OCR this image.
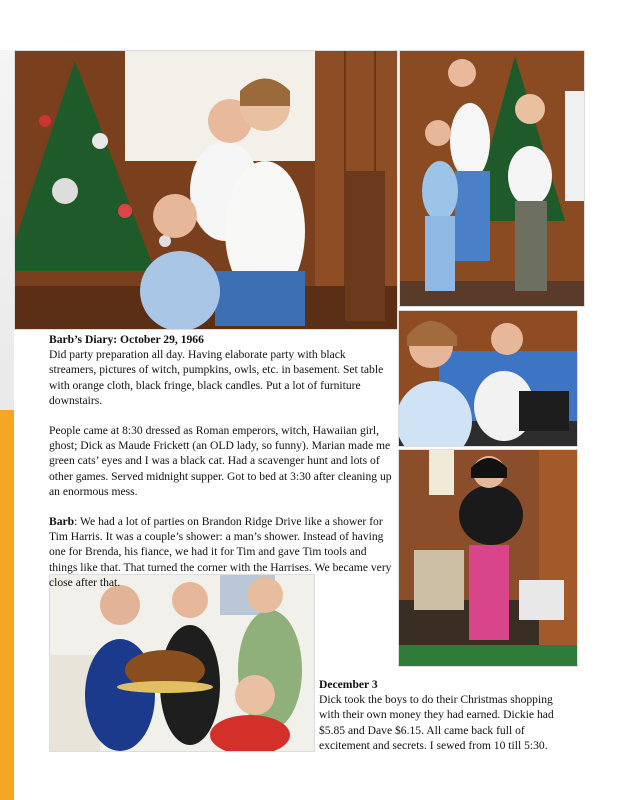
Barb’s Diary: October 29, 1966
Did party preparation all day. Having elaborate party with black streamers, pictures of witch, pumpkins, owls, etc. in basement. Set table with orange cloth, black fringe, black candles. Put a lot of furniture downstairs.

People came at 8:30 dressed as Roman emperors, witch, Hawaiian girl, ghost; Dick as Maude Frickett (an OLD lady, so funny). Marian made me green cats’ eyes and I was a black cat. Had a scavenger hunt and lots of other games. Served midnight supper. Got to bed at 3:30 after cleaning up an enormous mess.

Barb: We had a lot of parties on Brandon Ridge Drive like a shower for Tim Harris. It was a couple’s shower: a man’s shower. Instead of having one for Brenda, his fiance, we had it for Tim and gave Tim tools and things like that. That turned the corner with the Harrises. We became very close after that.

December 3
Dick took the boys to do their Christmas shopping with their own money they had earned. Dickie had $5.85 and Dave $6.15. All came back full of excitement and secrets. I sewed from 10 till 5:30.
